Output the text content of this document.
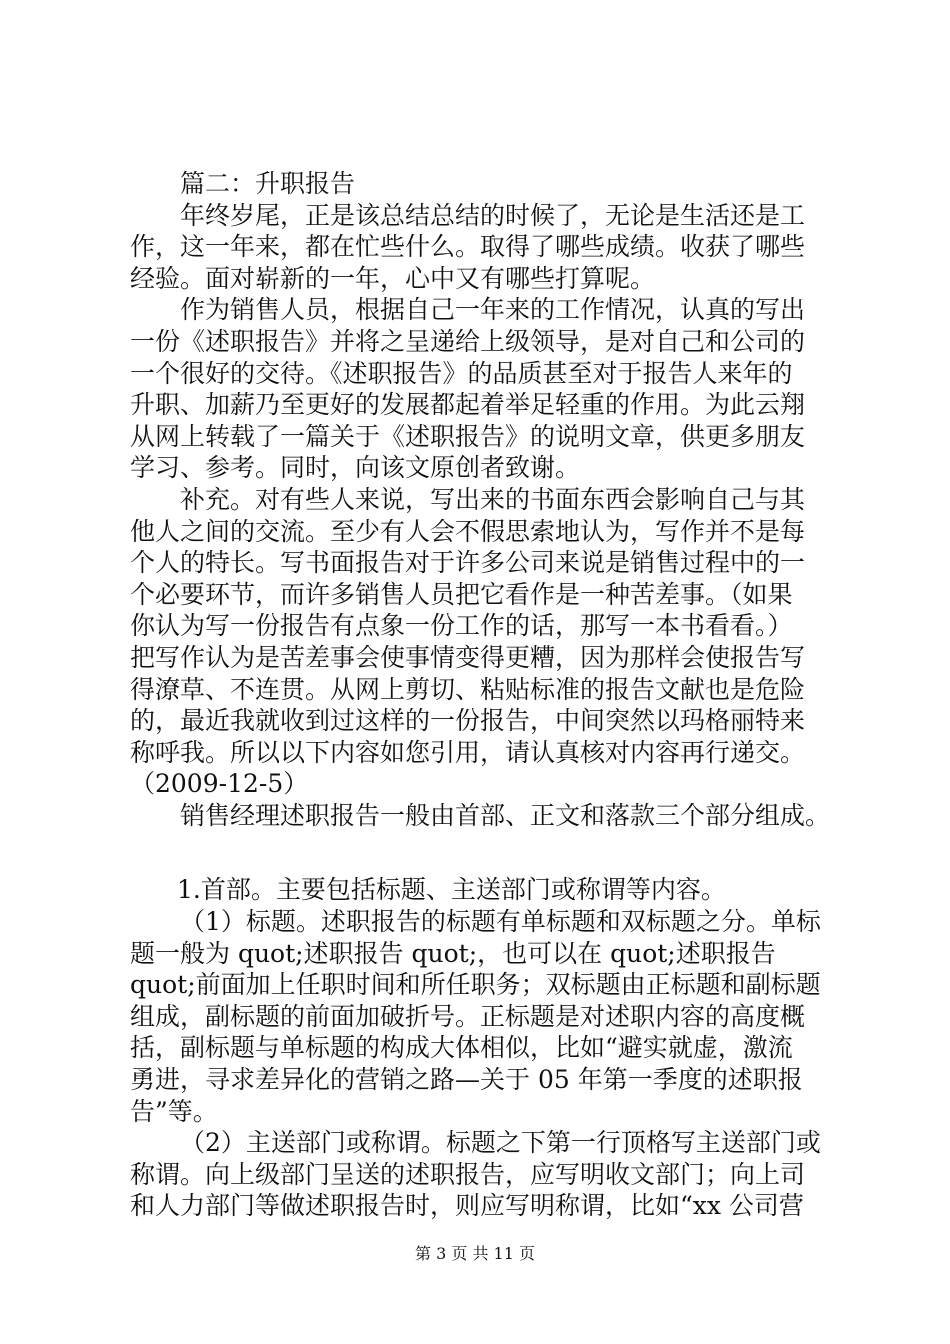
篇二：升职报告
年终岁尾，正是该总结总结的时候了，无论是生活还是工
作，这一年来，都在忙些什么。取得了哪些成绩。收获了哪些
经验。面对崭新的一年，心中又有哪些打算呢。
作为销售人员，根据自己一年来的工作情况，认真的写出
一份《述职报告》并将之呈递给上级领导，是对自己和公司的
一个很好的交待。《述职报告》的品质甚至对于报告人来年的
升职、加薪乃至更好的发展都起着举足轻重的作用。为此云翔
从网上转载了一篇关于《述职报告》的说明文章，供更多朋友
学习、参考。同时，向该文原创者致谢。
补充。对有些人来说，写出来的书面东西会影响自己与其
他人之间的交流。至少有人会不假思索地认为，写作并不是每
个人的特长。写书面报告对于许多公司来说是销售过程中的一
个必要环节，而许多销售人员把它看作是一种苦差事。（如果
你认为写一份报告有点象一份工作的话，那写一本书看看。）
把写作认为是苦差事会使事情变得更糟，因为那样会使报告写
得潦草、不连贯。从网上剪切、粘贴标准的报告文献也是危险
的，最近我就收到过这样的一份报告，中间突然以玛格丽特来
称呼我。所以以下内容如您引用，请认真核对内容再行递交。
（2009-12-5）
销售经理述职报告一般由首部、正文和落款三个部分组成。
1.首部。主要包括标题、主送部门或称谓等内容。
（1）标题。述职报告的标题有单标题和双标题之分。单标
题一般为 quot;述职报告 quot;，也可以在 quot;述职报告
quot;前面加上任职时间和所任职务；双标题由正标题和副标题
组成，副标题的前面加破折号。正标题是对述职内容的高度概
括，副标题与单标题的构成大体相似，比如“避实就虚，激流
勇进，寻求差异化的营销之路—关于 05 年第一季度的述职报
告”等。
（2）主送部门或称谓。标题之下第一行顶格写主送部门或
称谓。向上级部门呈送的述职报告，应写明收文部门；向上司
和人力部门等做述职报告时，则应写明称谓，比如“xx 公司营
第 3 页 共 11 页
